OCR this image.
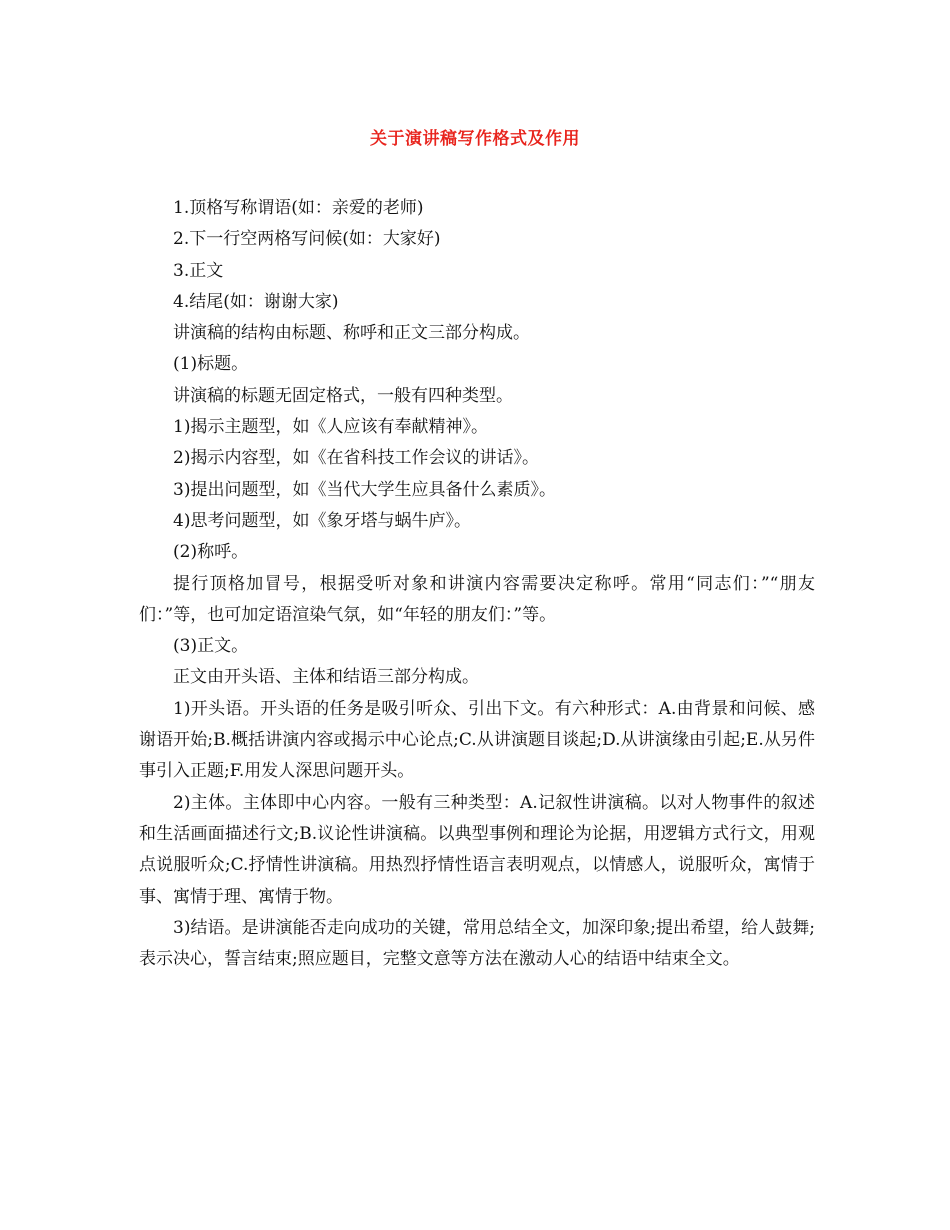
关于演讲稿写作格式及作用

1.顶格写称谓语(如：亲爱的老师)

2.下一行空两格写问候(如：大家好)

3.正文

4.结尾(如：谢谢大家)

讲演稿的结构由标题、称呼和正文三部分构成。

(1)标题。

讲演稿的标题无固定格式，一般有四种类型。

1)揭示主题型，如《人应该有奉献精神》。

2)揭示内容型，如《在省科技工作会议的讲话》。

3)提出问题型，如《当代大学生应具备什么素质》。

4)思考问题型，如《象牙塔与蜗牛庐》。

(2)称呼。

提行顶格加冒号，根据受听对象和讲演内容需要决定称呼。常用“同志们：”“朋友们：”等，也可加定语渲染气氛，如“年轻的朋友们：”等。

(3)正文。

正文由开头语、主体和结语三部分构成。

1)开头语。开头语的任务是吸引听众、引出下文。有六种形式：A.由背景和问候、感谢语开始;B.概括讲演内容或揭示中心论点;C.从讲演题目谈起;D.从讲演缘由引起;E.从另件事引入正题;F.用发人深思问题开头。

2)主体。主体即中心内容。一般有三种类型：A.记叙性讲演稿。以对人物事件的叙述和生活画面描述行文;B.议论性讲演稿。以典型事例和理论为论据，用逻辑方式行文，用观点说服听众;C.抒情性讲演稿。用热烈抒情性语言表明观点，以情感人，说服听众，寓情于事、寓情于理、寓情于物。

3)结语。是讲演能否走向成功的关键，常用总结全文，加深印象;提出希望，给人鼓舞;表示决心，誓言结束;照应题目，完整文意等方法在激动人心的结语中结束全文。
